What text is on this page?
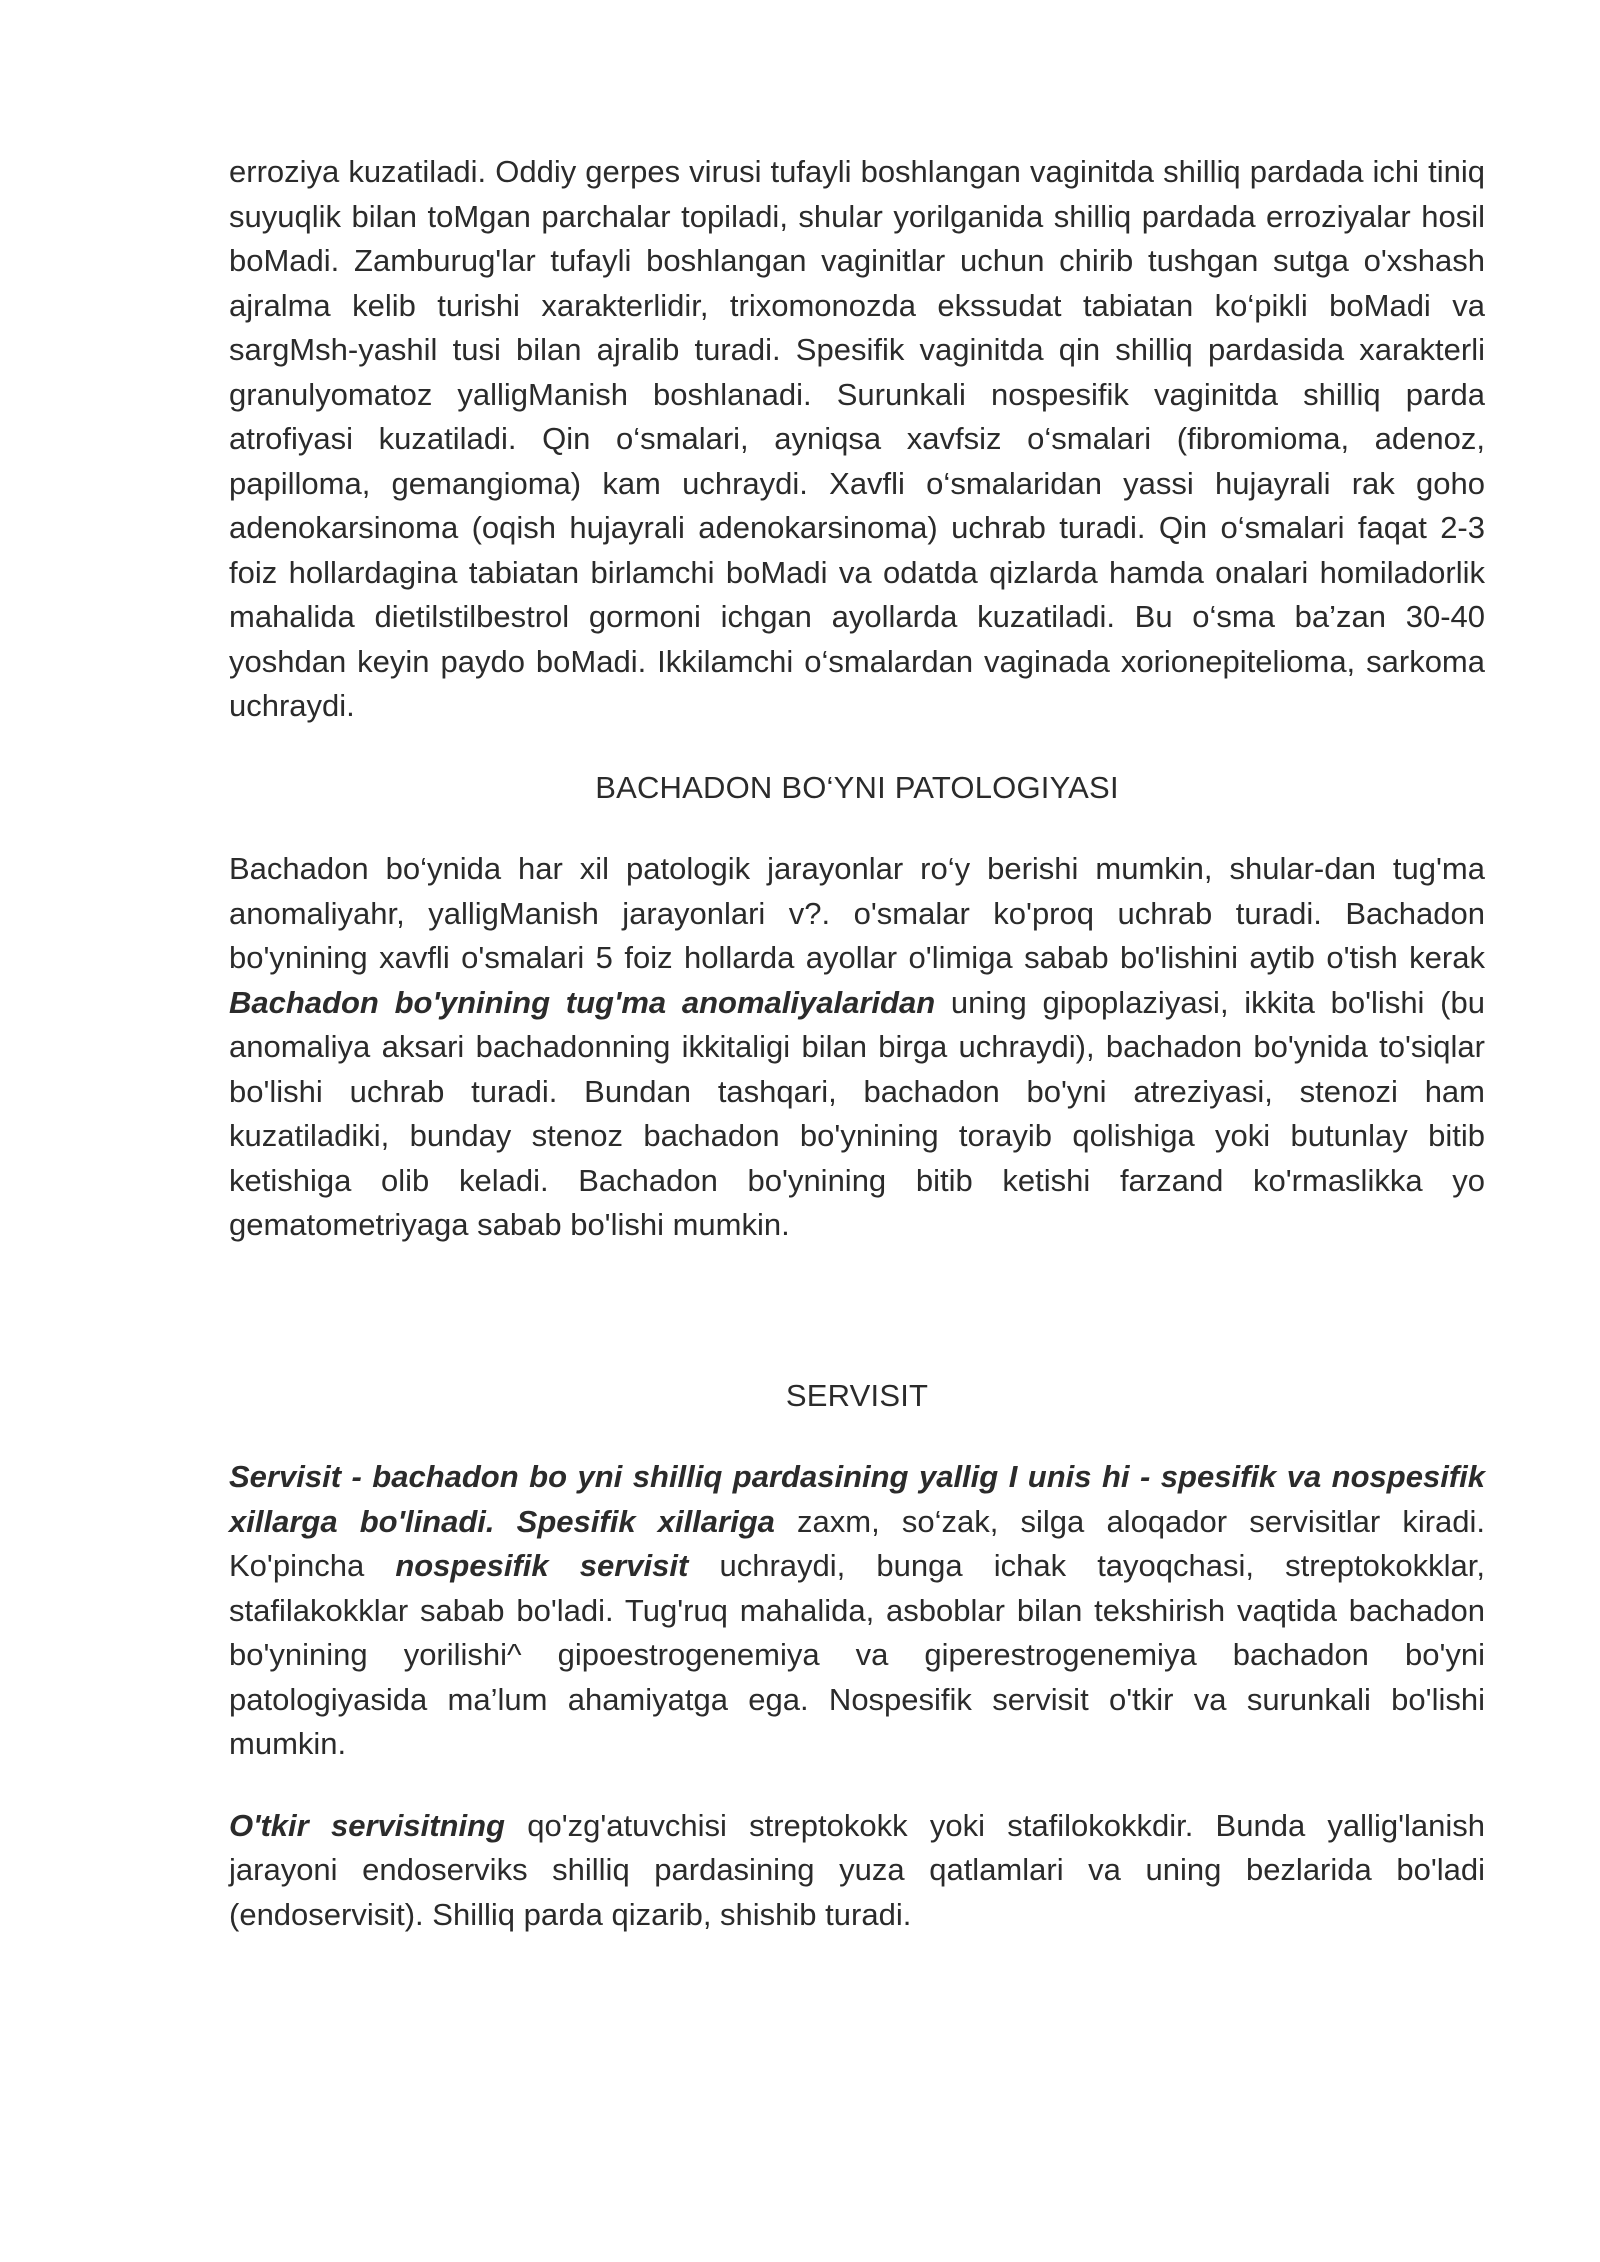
erroziya kuzatiladi. Oddiy gerpes virusi tufayli boshlangan vaginitda shilliq pardada ichi tiniq suyuqlik bilan toMgan parchalar topiladi, shular yorilganida shilliq pardada erroziyalar hosil boMadi. Zamburug'lar tufayli boshlangan vaginitlar uchun chirib tushgan sutga o'xshash ajralma kelib turishi xarakterlidir, trixomonozda ekssudat tabiatan ko‘pikli boMadi va sargMsh-yashil tusi bilan ajralib turadi. Spesifik vaginitda qin shilliq pardasida xarakterli granulyomatoz yalligManish boshlanadi. Surunkali nospesifik vaginitda shilliq parda atrofiyasi kuzatiladi. Qin o‘smalari, ayniqsa xavfsiz o‘smalari (fibromioma, adenoz, papilloma, gemangioma) kam uchraydi. Xavfli o‘smalaridan yassi hujayrali rak goho adenokarsinoma (oqish hujayrali adenokarsinoma) uchrab turadi. Qin o‘smalari faqat 2-3 foiz hollardagina tabiatan birlamchi boMadi va odatda qizlarda hamda onalari homiladorlik mahalida dietilstilbestrol gormoni ichgan ayollarda kuzatiladi. Bu o‘sma ba’zan 30-40 yoshdan keyin paydo boMadi. Ikkilamchi o‘smalardan vaginada xorionepitelioma, sarkoma uchraydi.

BACHADON BO‘YNI PATOLOGIYASI

Bachadon bo‘ynida har xil patologik jarayonlar ro‘y berishi mumkin, shular-dan tug'ma anomaliyahr, yalligManish jarayonlari v?. o'smalar ko'proq uchrab turadi. Bachadon bo'ynining xavfli o'smalari 5 foiz hollarda ayollar o'limiga sabab bo'lishini aytib o'tish kerak Bachadon bo'ynining tug'ma anomaliyalaridan uning gipoplaziyasi, ikkita bo'lishi (bu anomaliya aksari bachadonning ikkitaligi bilan birga uchraydi), bachadon bo'ynida to'siqlar bo'lishi uchrab turadi. Bundan tashqari, bachadon bo'yni atreziyasi, stenozi ham kuzatiladiki, bunday stenoz bachadon bo'ynining torayib qolishiga yoki butunlay bitib ketishiga olib keladi. Bachadon bo'ynining bitib ketishi farzand ko'rmaslikka yo gematometriyaga sabab bo'lishi mumkin.

SERVISIT

Servisit - bachadon bo yni shilliq pardasining yallig I unis hi - spesifik va nospesifik xillarga bo'linadi. Spesifik xillariga zaxm, so‘zak, silga aloqador servisitlar kiradi. Ko'pincha nospesifik servisit uchraydi, bunga ichak tayoqchasi, streptokokklar, stafilakokklar sabab bo'ladi. Tug'ruq mahalida, asboblar bilan tekshirish vaqtida bachadon bo'ynining yorilishi^ gipoestrogenemiya va giperestrogenemiya bachadon bo'yni patologiyasida ma’lum ahamiyatga ega. Nospesifik servisit o'tkir va surunkali bo'lishi mumkin.

O'tkir servisitning qo'zg'atuvchisi streptokokk yoki stafilokokkdir. Bunda yallig'lanish jarayoni endoserviks shilliq pardasining yuza qatlamlari va uning bezlarida bo'ladi (endoservisit). Shilliq parda qizarib, shishib turadi.
